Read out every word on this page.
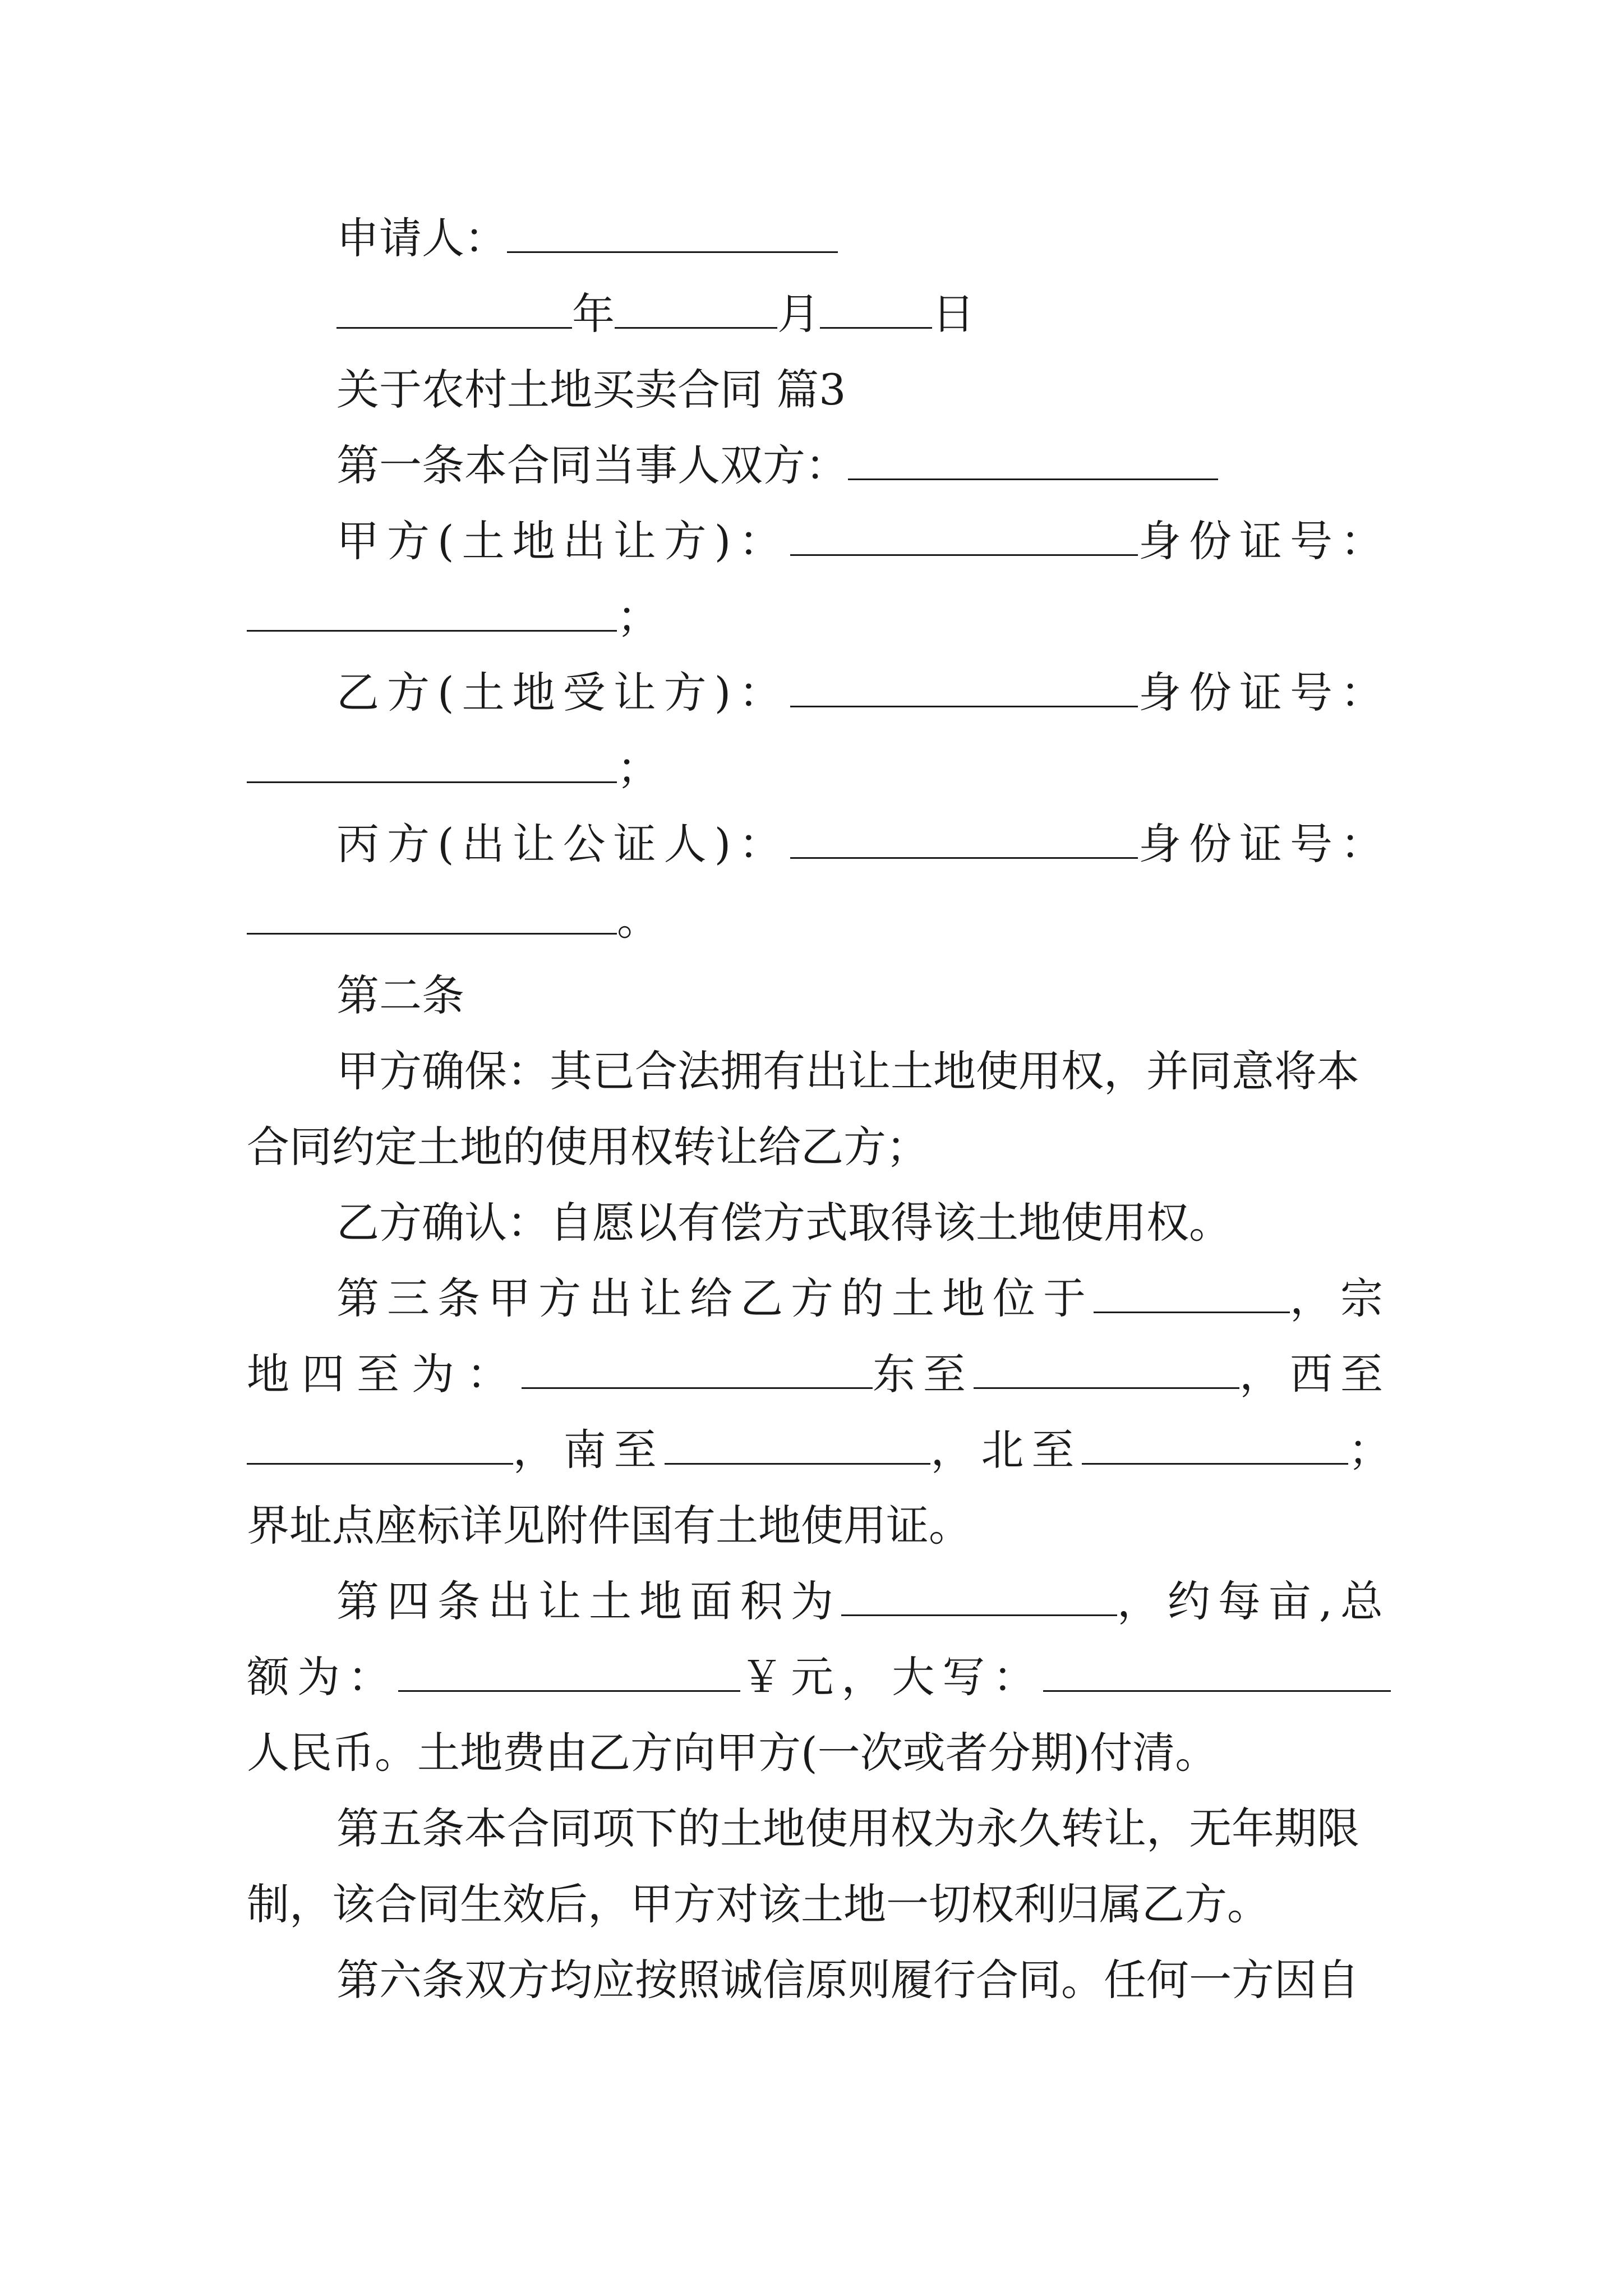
申请人：
年	月	日
关于农村土地买卖合同 篇3
第一条本合同当事人双方：
甲方(土地出让方)：	身份证号：
；
乙方(土地受让方)：	身份证号：
；
丙方(出让公证人)：	身份证号：
。
第二条
甲方确保：其已合法拥有出让土地使用权，并同意将本
合同约定土地的使用权转让给乙方；
乙方确认：自愿以有偿方式取得该土地使用权。
第三条甲方出让给乙方的土地位于	，宗
地四至为：	东至	，西至
，南至	，北至	；
界址点座标详见附件国有土地使用证。
第四条出让土地面积为	，约每亩,总
额为：	￥元，大写：
人民币。土地费由乙方向甲方(一次或者分期)付清。
第五条本合同项下的土地使用权为永久转让，无年期限
制，该合同生效后，甲方对该土地一切权利归属乙方。
第六条双方均应按照诚信原则履行合同。任何一方因自
